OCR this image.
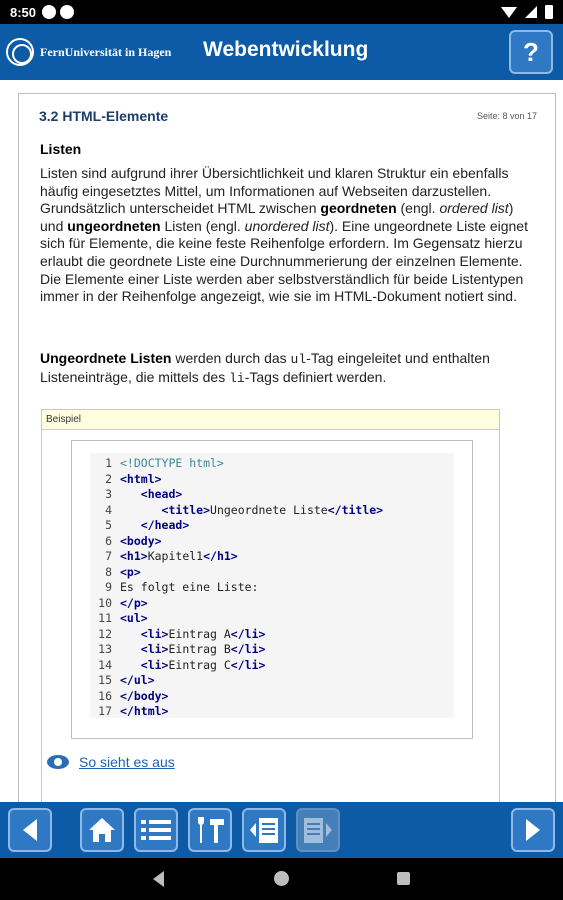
8:50
FernUniversität in Hagen Webentwicklung	?
3.2 HTML-Elemente	Seite: 8 von 17
Listen
Listen sind aufgrund ihrer Übersichtlichkeit und klaren Struktur ein ebenfalls häufig eingesetztes Mittel, um Informationen auf Webseiten darzustellen. Grundsätzlich unterscheidet HTML zwischen geordneten (engl. ordered list) und ungeordneten Listen (engl. unordered list). Eine ungeordnete Liste eignet sich für Elemente, die keine feste Reihenfolge erfordern. Im Gegensatz hierzu erlaubt die geordnete Liste eine Durchnummerierung der einzelnen Elemente. Die Elemente einer Liste werden aber selbstverständlich für beide Listentypen immer in der Reihenfolge angezeigt, wie sie im HTML-Dokument notiert sind.
Ungeordnete Listen werden durch das ul-Tag eingeleitet und enthalten Listeneinträge, die mittels des li-Tags definiert werden.
Beispiel
1 <!DOCTYPE html>
2 <html>
3	<head>
4	<title>Ungeordnete Liste</title>
5	</head>
6 <body>
7 <h1>Kapitel1</h1>
8 <p>
9 Es folgt eine Liste:
10 </p>
11 <ul>
12	<li>Eintrag A</li>
13	<li>Eintrag B</li>
14	<li>Eintrag C</li>
15 </ul>
16 </body>
17 </html>
So sieht es aus
